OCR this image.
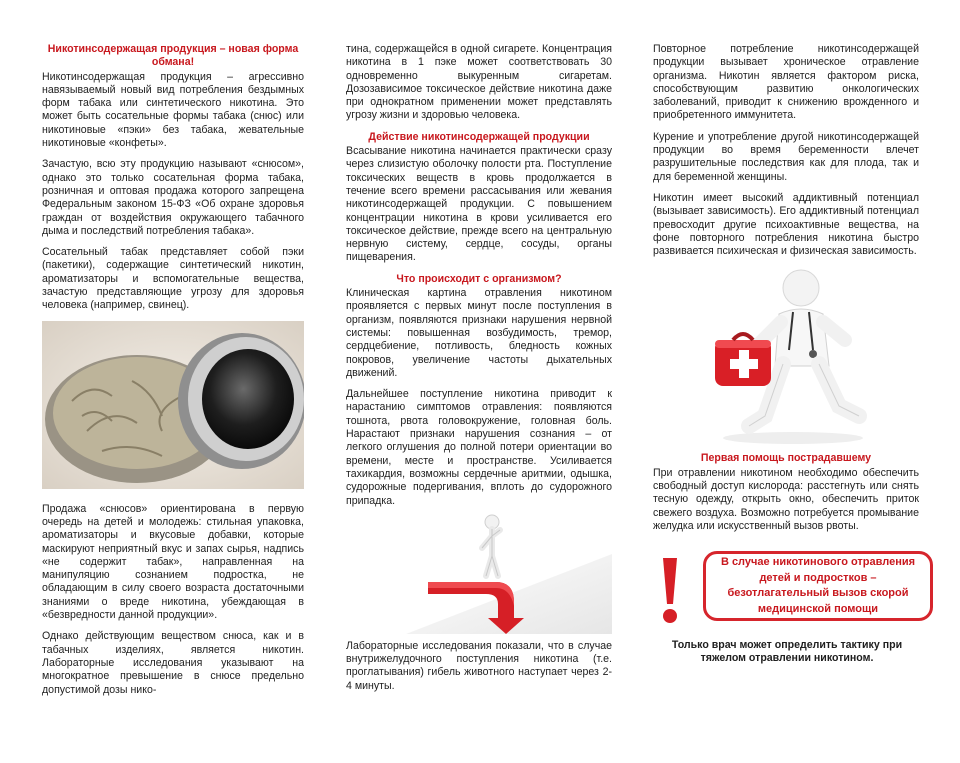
Никотинсодержащая продукция – новая форма обмана!

Никотинсодержащая продукция – агрессивно навязываемый новый вид потребления бездымных форм табака или синтетического никотина. Это может быть сосательные формы табака (снюс) или никотиновые «пэки» без табака, жевательные никотиновые «конфеты».

Зачастую, всю эту продукцию называют «снюсом», однако это только сосательная форма табака, розничная и оптовая продажа которого запрещена Федеральным законом 15-ФЗ «Об охране здоровья граждан от воздействия окружающего табачного дыма и последствий потребления табака».

Сосательный табак представляет собой пэки (пакетики), содержащие синтетический никотин, ароматизаторы и вспомогательные вещества, зачастую представляющие угрозу для здоровья человека (например, свинец).

Продажа «снюсов» ориентирована в первую очередь на детей и молодежь: стильная упаковка, ароматизаторы и вкусовые добавки, которые маскируют неприятный вкус и запах сырья, надпись «не содержит табак», направленная на манипуляцию сознанием подростка, не обладающим в силу своего возраста достаточными знаниями о вреде никотина, убеждающая в «безвредности данной продукции».

Однако действующим веществом снюса, как и в табачных изделиях, является никотин. Лабораторные исследования указывают на многократное превышение в снюсе предельно допустимой дозы нико-

тина, содержащейся в одной сигарете. Концентрация никотина в 1 пэке может соответствовать 30 одновременно выкуренным сигаретам. Дозозависимое токсическое действие никотина даже при однократном применении может представлять угрозу жизни и здоровью человека.

Действие никотинсодержащей продукции

Всасывание никотина начинается практически сразу через слизистую оболочку полости рта. Поступление токсических веществ в кровь продолжается в течение всего времени рассасывания или жевания никотинсодержащей продукции. С повышением концентрации никотина в крови усиливается его токсическое действие, прежде всего на центральную нервную систему, сердце, сосуды, органы пищеварения.

Что происходит с организмом?

Клиническая картина отравления никотином проявляется с первых минут после поступления в организм, появляются признаки нарушения нервной системы: повышенная возбудимость, тремор, сердцебиение, потливость, бледность кожных покровов, увеличение частоты дыхательных движений.

Дальнейшее поступление никотина приводит к нарастанию симптомов отравления: появляются тошнота, рвота головокружение, головная боль. Нарастают признаки нарушения сознания – от легкого оглушения до полной потери ориентации во времени, месте и пространстве. Усиливается тахикардия, возможны сердечные аритмии, одышка, судорожные подергивания, вплоть до судорожного припадка.

Лабораторные исследования показали, что в случае внутрижелудочного поступления никотина (т.е. проглатывания) гибель животного наступает через 2-4 минуты.

Повторное потребление никотинсодержащей продукции вызывает хроническое отравление организма. Никотин является фактором риска, способствующим развитию онкологических заболеваний, приводит к снижению врожденного и приобретенного иммунитета.

Курение и употребление другой никотинсодержащей продукции во время беременности влечет разрушительные последствия как для плода, так и для беременной женщины.

Никотин имеет высокий аддиктивный потенциал (вызывает зависимость). Его аддиктивный потенциал превосходит другие психоактивные вещества, на фоне повторного потребления никотина быстро развивается психическая и физическая зависимость.

Первая помощь пострадавшему

При отравлении никотином необходимо обеспечить свободный доступ кислорода: расстегнуть или снять тесную одежду, открыть окно, обеспечить приток свежего воздуха. Возможно потребуется промывание желудка или искусственный вызов рвоты.

В случае никотинового отравления детей и подростков – безотлагательный вызов скорой медицинской помощи
Только врач может определить тактику при тяжелом отравлении никотином.
